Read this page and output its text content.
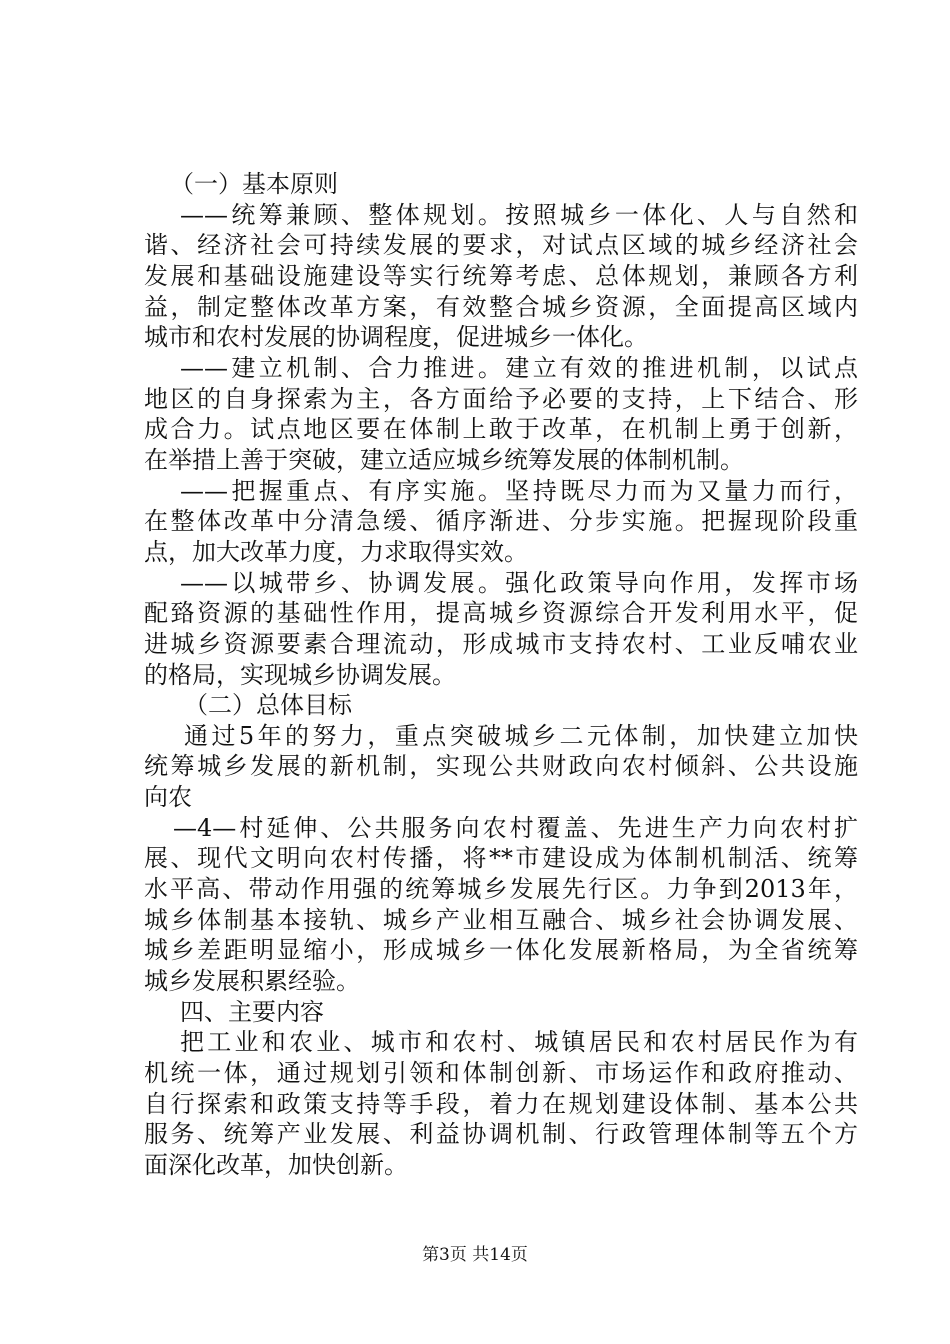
（一）基本原则
——统筹兼顾、整体规划。按照城乡一体化、人与自然和
谐、经济社会可持续发展的要求，对试点区域的城乡经济社会
发展和基础设施建设等实行统筹考虑、总体规划，兼顾各方利
益，制定整体改革方案，有效整合城乡资源，全面提高区域内
城市和农村发展的协调程度，促进城乡一体化。
——建立机制、合力推进。建立有效的推进机制，以试点
地区的自身探索为主，各方面给予必要的支持，上下结合、形
成合力。试点地区要在体制上敢于改革，在机制上勇于创新，
在举措上善于突破，建立适应城乡统筹发展的体制机制。
——把握重点、有序实施。坚持既尽力而为又量力而行，
在整体改革中分清急缓、循序渐进、分步实施。把握现阶段重
点，加大改革力度，力求取得实效。
——以城带乡、协调发展。强化政策导向作用，发挥市场
配臵资源的基础性作用，提高城乡资源综合开发利用水平，促
进城乡资源要素合理流动，形成城市支持农村、工业反哺农业
的格局，实现城乡协调发展。
（二）总体目标
通过5年的努力，重点突破城乡二元体制，加快建立加快
统筹城乡发展的新机制，实现公共财政向农村倾斜、公共设施
向农
—4—村延伸、公共服务向农村覆盖、先进生产力向农村扩
展、现代文明向农村传播，将**市建设成为体制机制活、统筹
水平高、带动作用强的统筹城乡发展先行区。力争到2013年，
城乡体制基本接轨、城乡产业相互融合、城乡社会协调发展、
城乡差距明显缩小，形成城乡一体化发展新格局，为全省统筹
城乡发展积累经验。
四、主要内容
把工业和农业、城市和农村、城镇居民和农村居民作为有
机统一体，通过规划引领和体制创新、市场运作和政府推动、
自行探索和政策支持等手段，着力在规划建设体制、基本公共
服务、统筹产业发展、利益协调机制、行政管理体制等五个方
面深化改革，加快创新。
第3页 共14页
